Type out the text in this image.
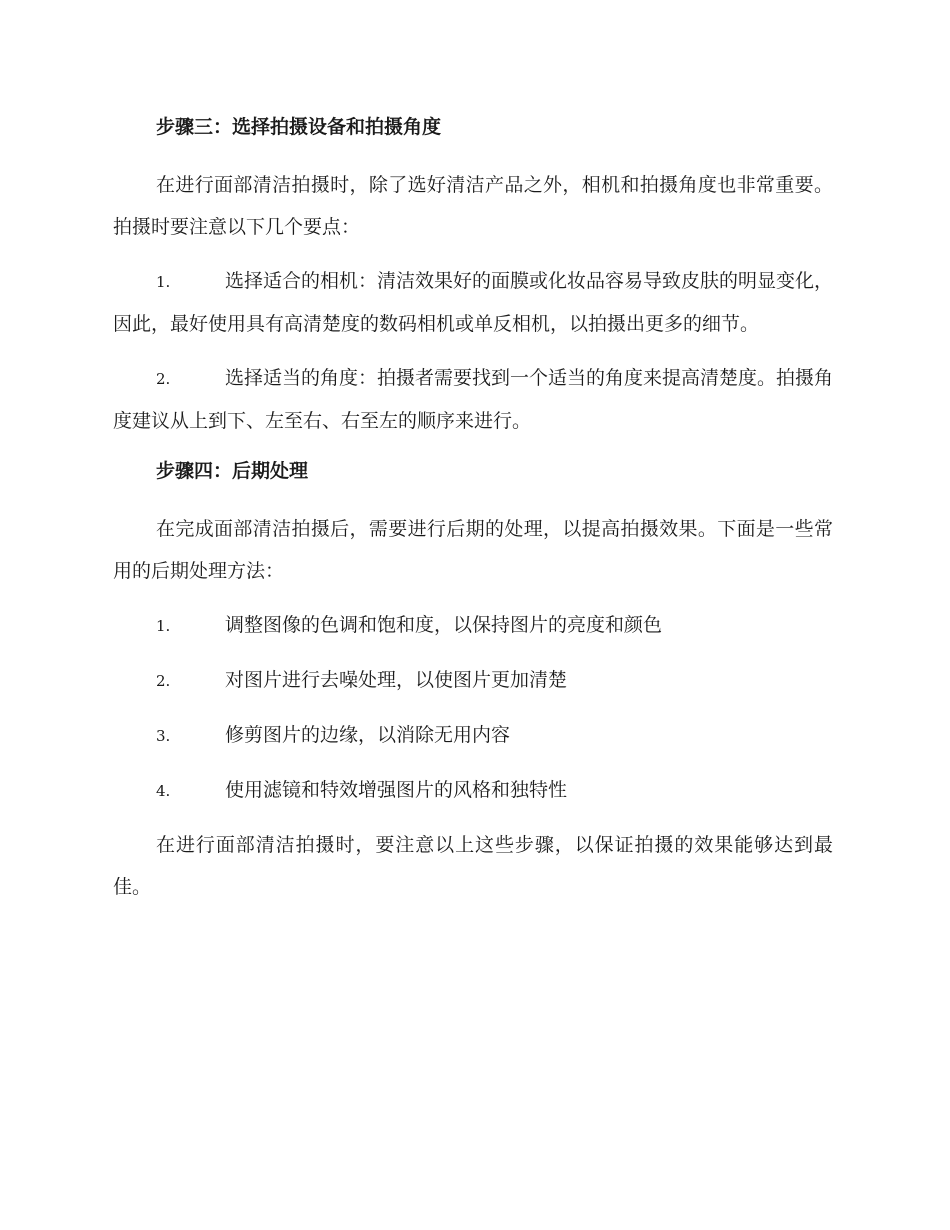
步骤三：选择拍摄设备和拍摄角度

在进行面部清洁拍摄时，除了选好清洁产品之外，相机和拍摄角度也非常重要。拍摄时要注意以下几个要点：

1.	选择适合的相机：清洁效果好的面膜或化妆品容易导致皮肤的明显变化，因此，最好使用具有高清楚度的数码相机或单反相机，以拍摄出更多的细节。

2.	选择适当的角度：拍摄者需要找到一个适当的角度来提高清楚度。拍摄角度建议从上到下、左至右、右至左的顺序来进行。

步骤四：后期处理

在完成面部清洁拍摄后，需要进行后期的处理，以提高拍摄效果。下面是一些常用的后期处理方法：

1.	调整图像的色调和饱和度，以保持图片的亮度和颜色

2.	对图片进行去噪处理，以使图片更加清楚

3.	修剪图片的边缘，以消除无用内容

4.	使用滤镜和特效增强图片的风格和独特性

在进行面部清洁拍摄时，要注意以上这些步骤，以保证拍摄的效果能够达到最佳。
